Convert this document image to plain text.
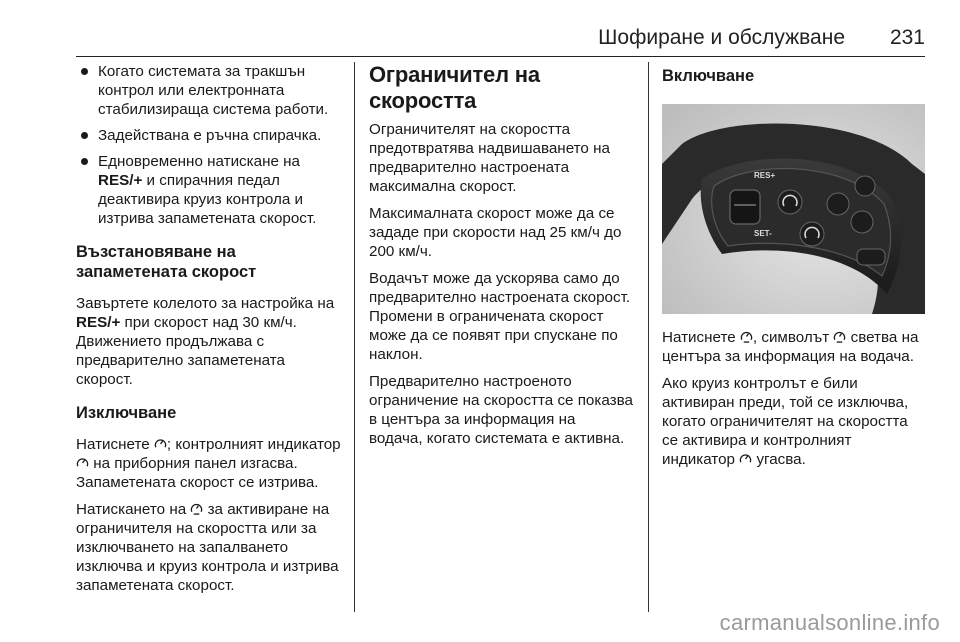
Шофиране и обслужване 231
Когато системата за тракшън контрол или електронната стабилизираща система работи.
Задействана е ръчна спирачка.
Едновременно натискане на RES/+ и спирачния педал деактивира круиз контрола и изтрива запаметената скорост.
Възстановяване на запаметената скорост

Завъртете колелото за настройка на RES/+ при скорост над 30 км/ч. Движението продължава с предварително запаметената скорост.

Изключване

Натиснете ; контролният индикатор  на приборния панел изгасва. Запаметената скорост се изтрива.

Натискането на  за активиране на ограничителя на скоростта или за изключването на запалването изключва и круиз контрола и изтрива запаметената скорост.

Ограничител на скоростта

Ограничителят на скоростта предотвратява надвишаването на предварително настроената максимална скорост.

Максималната скорост може да се зададе при скорости над 25 км/ч до 200 км/ч.

Водачът може да ускорява само до предварително настроената скорост. Промени в ограничената скорост може да се появят при спускане по наклон.

Предварително настроеното ограничение на скоростта се показва в центъра за информация на водача, когато системата е активна.

Включване
RES+
SET-

Натиснете , символът  светва на центъра за информация на водача.

Ако круиз контролът е били активиран преди, той се изключва, когато ограничителят на скоростта се активира и контролният индикатор  угасва.

carmanualsonline.info
